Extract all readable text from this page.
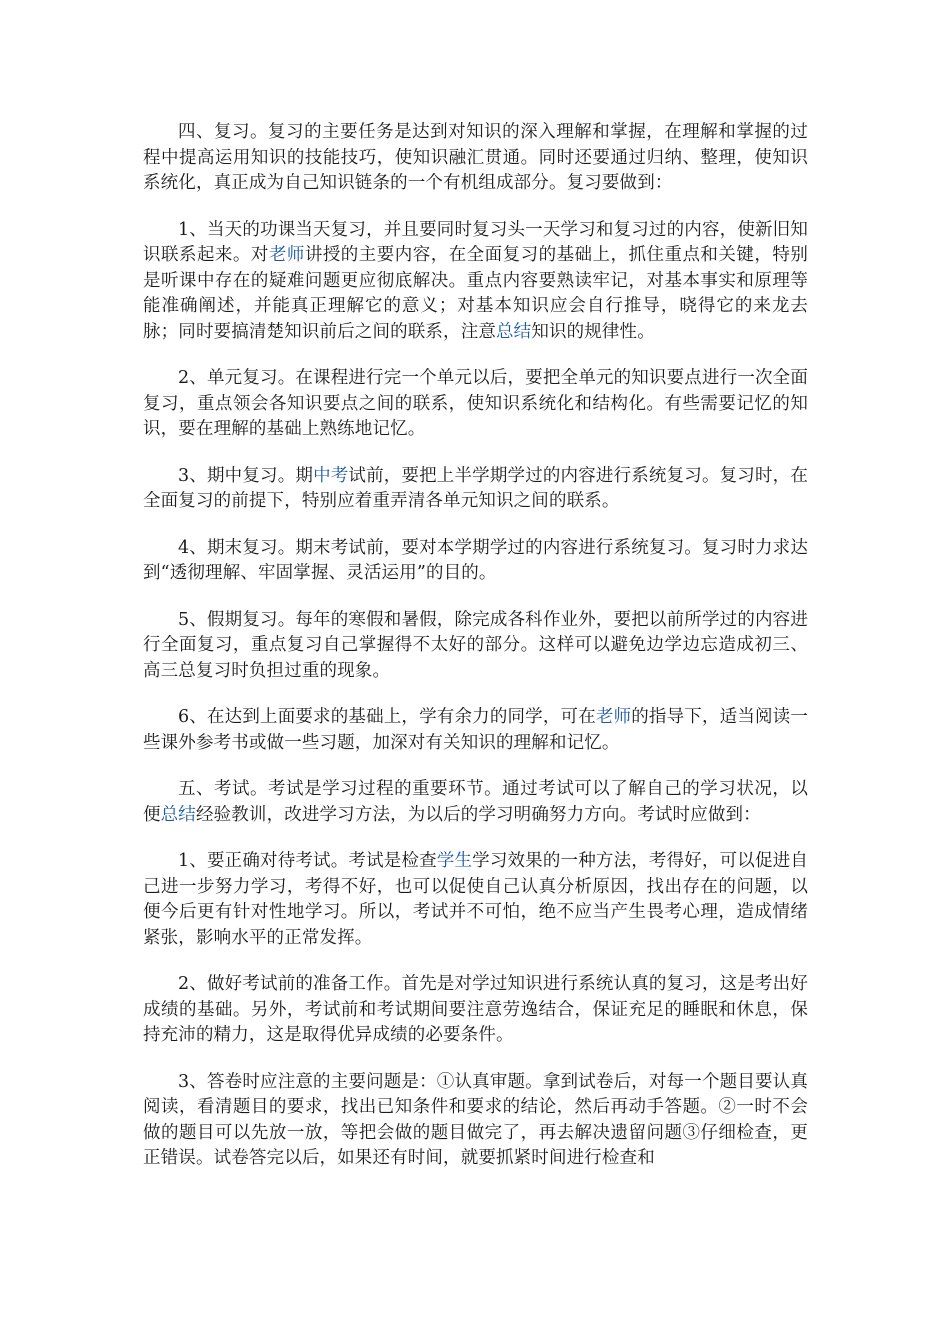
四、复习。复习的主要任务是达到对知识的深入理解和掌握，在理解和掌握的过程中提高运用知识的技能技巧，使知识融汇贯通。同时还要通过归纳、整理，使知识系统化，真正成为自己知识链条的一个有机组成部分。复习要做到：

1、当天的功课当天复习，并且要同时复习头一天学习和复习过的内容，使新旧知识联系起来。对老师讲授的主要内容，在全面复习的基础上，抓住重点和关键，特别是听课中存在的疑难问题更应彻底解决。重点内容要熟读牢记，对基本事实和原理等能准确阐述，并能真正理解它的意义；对基本知识应会自行推导，晓得它的来龙去脉；同时要搞清楚知识前后之间的联系，注意总结知识的规律性。

2、单元复习。在课程进行完一个单元以后，要把全单元的知识要点进行一次全面复习，重点领会各知识要点之间的联系，使知识系统化和结构化。有些需要记忆的知识，要在理解的基础上熟练地记忆。

3、期中复习。期中考试前，要把上半学期学过的内容进行系统复习。复习时，在全面复习的前提下，特别应着重弄清各单元知识之间的联系。

4、期末复习。期末考试前，要对本学期学过的内容进行系统复习。复习时力求达到“透彻理解、牢固掌握、灵活运用”的目的。

5、假期复习。每年的寒假和暑假，除完成各科作业外，要把以前所学过的内容进行全面复习，重点复习自己掌握得不太好的部分。这样可以避免边学边忘造成初三、高三总复习时负担过重的现象。

6、在达到上面要求的基础上，学有余力的同学，可在老师的指导下，适当阅读一些课外参考书或做一些习题，加深对有关知识的理解和记忆。

五、考试。考试是学习过程的重要环节。通过考试可以了解自己的学习状况，以便总结经验教训，改进学习方法，为以后的学习明确努力方向。考试时应做到：

1、要正确对待考试。考试是检查学生学习效果的一种方法，考得好，可以促进自己进一步努力学习，考得不好，也可以促使自己认真分析原因，找出存在的问题，以便今后更有针对性地学习。所以，考试并不可怕，绝不应当产生畏考心理，造成情绪紧张，影响水平的正常发挥。

2、做好考试前的准备工作。首先是对学过知识进行系统认真的复习，这是考出好成绩的基础。另外，考试前和考试期间要注意劳逸结合，保证充足的睡眠和休息，保持充沛的精力，这是取得优异成绩的必要条件。

3、答卷时应注意的主要问题是：①认真审题。拿到试卷后，对每一个题目要认真阅读，看清题目的要求，找出已知条件和要求的结论，然后再动手答题。②一时不会做的题目可以先放一放，等把会做的题目做完了，再去解决遗留问题③仔细检查，更正错误。试卷答完以后，如果还有时间，就要抓紧时间进行检查和
